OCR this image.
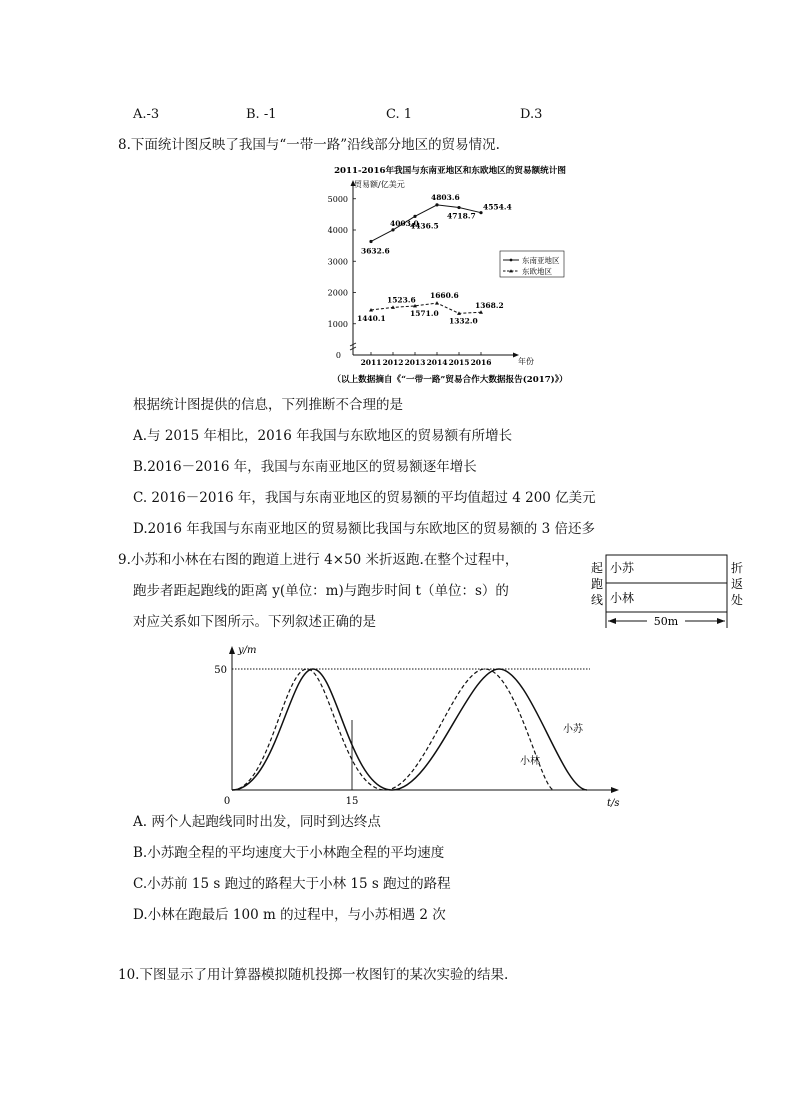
A.-3	B. -1	C. 1	D.3
8.下面统计图反映了我国与“一带一路”沿线部分地区的贸易情况.
2011-2016年我国与东南亚地区和东欧地区的贸易额统计图
贸易额/亿美元
年份
0
1000
2000
3000
4000
5000
2011 2012 2013 2014 2015 2016
3632.6
4003.0
4436.5
4803.6
4718.7
4554.4
1440.1
1523.6
1571.0
1660.6
1332.0
1368.2
东南亚地区
东欧地区
（以上数据摘自《“一带一路”贸易合作大数据报告(2017)》）
根据统计图提供的信息，下列推断不合理的是
A.与 2015 年相比，2016 年我国与东欧地区的贸易额有所增长
B.2016－2016 年，我国与东南亚地区的贸易额逐年增长
C. 2016－2016 年，我国与东南亚地区的贸易额的平均值超过 4 200 亿美元
D.2016 年我国与东南亚地区的贸易额比我国与东欧地区的贸易额的 3 倍还多
9.小苏和小林在右图的跑道上进行 4×50 米折返跑.在整个过程中，
跑步者距起跑线的距离 y(单位：m)与跑步时间 t（单位：s）的
对应关系如下图所示。下列叙述正确的是
起
跑
线
小苏
小林
折
返
处
50m
y/m
t/s
0
50
15
小苏
小林
A. 两个人起跑线同时出发，同时到达终点
B.小苏跑全程的平均速度大于小林跑全程的平均速度
C.小苏前 15 s 跑过的路程大于小林 15 s 跑过的路程
D.小林在跑最后 100 m 的过程中，与小苏相遇 2 次
10.下图显示了用计算器模拟随机投掷一枚图钉的某次实验的结果.
